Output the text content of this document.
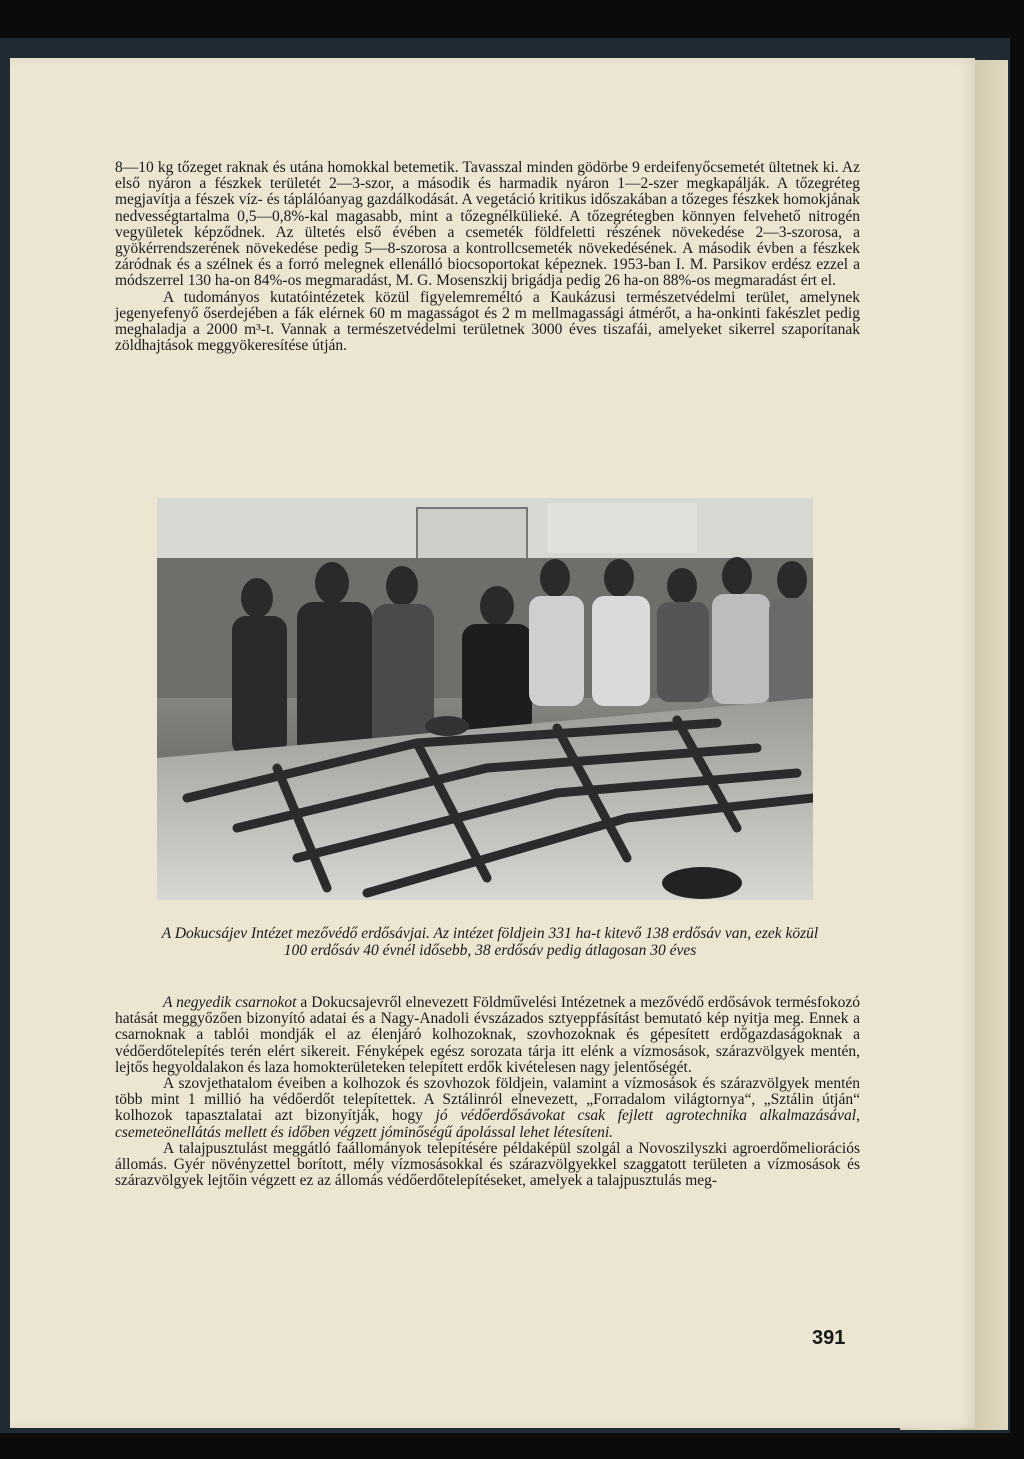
8—10 kg tőzeget raknak és utána homokkal betemetik. Tavasszal minden gödörbe 9 erdeifenyőcsemetét ültetnek ki. Az első nyáron a fészkek területét 2—3-szor, a második és harmadik nyáron 1—2-szer megkapálják. A tőzegréteg megjavítja a fészek víz- és táplálóanyag gazdálkodását. A vegetáció kritikus időszakában a tőzeges fészkek homokjának nedvességtartalma 0,5—0,8%-kal magasabb, mint a tőzegnélkülieké. A tőzegrétegben könnyen felvehető nitrogén vegyületek képződnek. Az ültetés első évében a csemeték földfeletti részének növekedése 2—3-szorosa, a gyökérrendszerének növekedése pedig 5—8-szorosa a kontrollcsemeték növekedésének. A második évben a fészkek záródnak és a szélnek és a forró melegnek ellenálló biocsoportokat képeznek. 1953-ban I. M. Parsikov erdész ezzel a módszerrel 130 ha-on 84%-os megmaradást, M. G. Mosenszkij brigádja pedig 26 ha-on 88%-os megmaradást ért el.

A tudományos kutatóintézetek közül figyelemreméltó a Kaukázusi természetvédelmi terület, amelynek jegenyefenyő őserdejében a fák elérnek 60 m magasságot és 2 m mellmagassági átmérőt, a ha-onkinti fakészlet pedig meghaladja a 2000 m³-t. Vannak a természetvédelmi területnek 3000 éves tiszafái, amelyeket sikerrel szaporítanak zöldhajtások meggyökeresítése útján.

A Dokucsájev Intézet mezővédő erdősávjai. Az intézet földjein 331 ha-t kitevő 138 erdősáv van, ezek közül 100 erdősáv 40 évnél idősebb, 38 erdősáv pedig átlagosan 30 éves

A negyedik csarnokot a Dokucsajevről elnevezett Földművelési Intézetnek a mezővédő erdősávok termésfokozó hatását meggyőzően bizonyító adatai és a Nagy-Anadoli évszázados sztyeppfásítást bemutató kép nyitja meg. Ennek a csarnoknak a tablói mondják el az élenjáró kolhozoknak, szovhozoknak és gépesített erdőgazdaságoknak a védőerdőtelepítés terén elért sikereit. Fényképek egész sorozata tárja itt elénk a vízmosások, szárazvölgyek mentén, lejtős hegyoldalakon és laza homokterületeken telepített erdők kivételesen nagy jelentőségét.

A szovjethatalom éveiben a kolhozok és szovhozok földjein, valamint a vízmosások és szárazvölgyek mentén több mint 1 millió ha védőerdőt telepítettek. A Sztálinról elnevezett, „Forradalom világtornya“, „Sztálin útján“ kolhozok tapasztalatai azt bizonyítják, hogy jó védőerdősávokat csak fejlett agrotechnika alkalmazásával, csemeteönellátás mellett és időben végzett jóminőségű ápolással lehet létesíteni.

A talajpusztulást meggátló faállományok telepítésére példaképül szolgál a Novoszilyszki agroerdőmeliorációs állomás. Gyér növényzettel borított, mély vízmosásokkal és szárazvölgyekkel szaggatott területen a vízmosások és szárazvölgyek lejtőin végzett ez az állomás védőerdőtelepítéseket, amelyek a talajpusztulás meg-

391
